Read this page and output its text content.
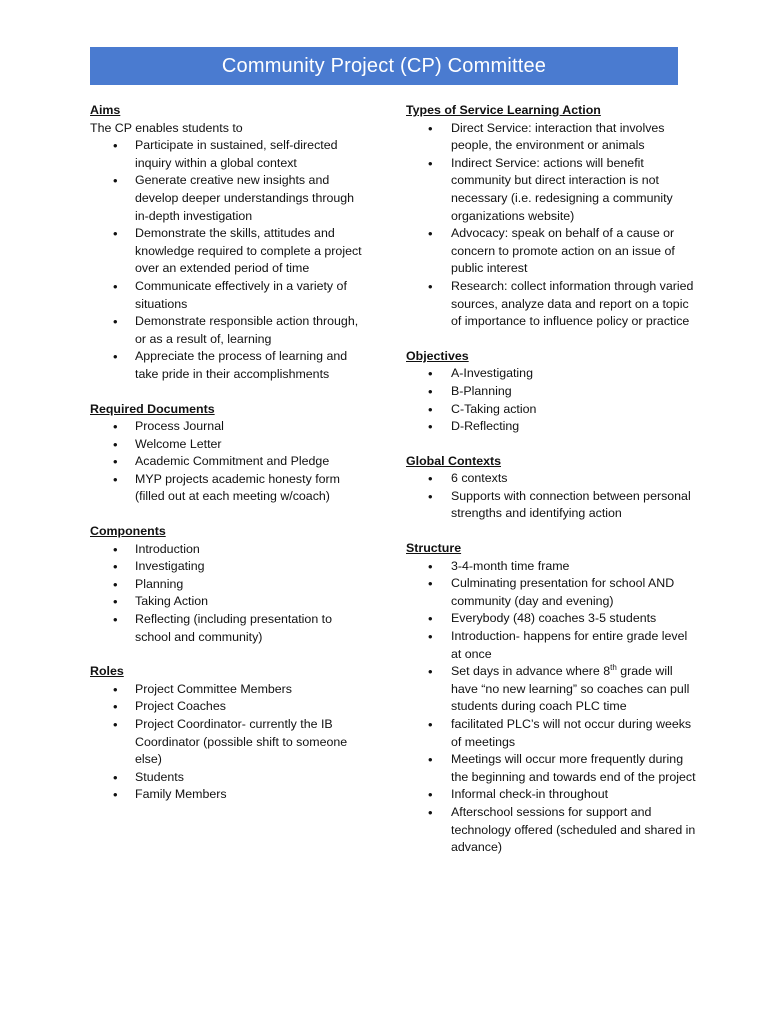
Community Project (CP) Committee
Aims
The CP enables students to
• Participate in sustained, self-directed inquiry within a global context
• Generate creative new insights and develop deeper understandings through in-depth investigation
• Demonstrate the skills, attitudes and knowledge required to complete a project over an extended period of time
• Communicate effectively in a variety of situations
• Demonstrate responsible action through, or as a result of, learning
• Appreciate the process of learning and take pride in their accomplishments
Required Documents
• Process Journal
• Welcome Letter
• Academic Commitment and Pledge
• MYP projects academic honesty form (filled out at each meeting w/coach)
Components
• Introduction
• Investigating
• Planning
• Taking Action
• Reflecting (including presentation to school and community)
Roles
• Project Committee Members
• Project Coaches
• Project Coordinator- currently the IB Coordinator (possible shift to someone else)
• Students
• Family Members
Types of Service Learning Action
• Direct Service: interaction that involves people, the environment or animals
• Indirect Service: actions will benefit community but direct interaction is not necessary (i.e. redesigning a community organizations website)
• Advocacy: speak on behalf of a cause or concern to promote action on an issue of public interest
• Research: collect information through varied sources, analyze data and report on a topic of importance to influence policy or practice
Objectives
• A-Investigating
• B-Planning
• C-Taking action
• D-Reflecting
Global Contexts
• 6 contexts
• Supports with connection between personal strengths and identifying action
Structure
• 3-4-month time frame
• Culminating presentation for school AND community (day and evening)
• Everybody (48) coaches 3-5 students
• Introduction- happens for entire grade level at once
• Set days in advance where 8th grade will have “no new learning” so coaches can pull students during coach PLC time
• facilitated PLC’s will not occur during weeks of meetings
• Meetings will occur more frequently during the beginning and towards end of the project
• Informal check-in throughout
• Afterschool sessions for support and technology offered (scheduled and shared in advance)
